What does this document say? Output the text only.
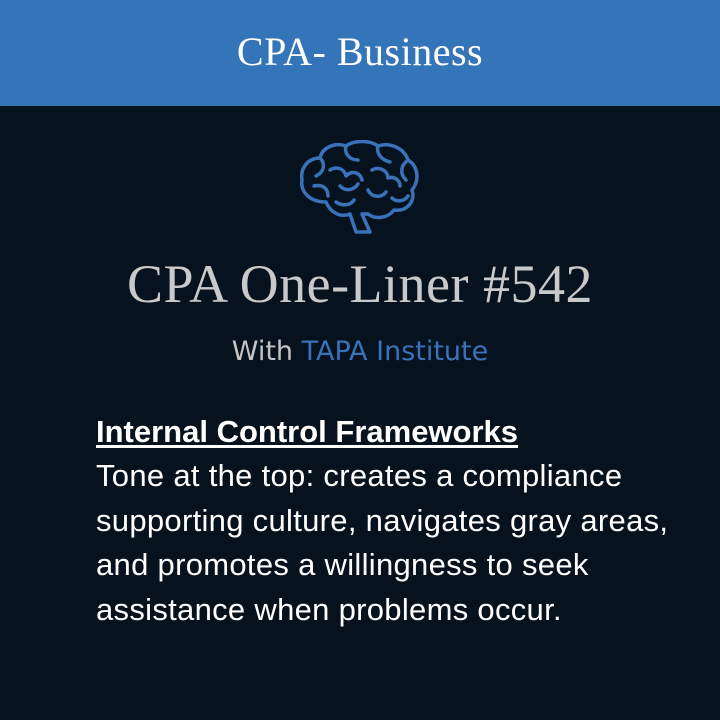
CPA- Business
CPA One-Liner #542
With TAPA Institute
Internal Control Frameworks

Tone at the top: creates a compliance supporting culture, navigates gray areas, and promotes a willingness to seek assistance when problems occur.
